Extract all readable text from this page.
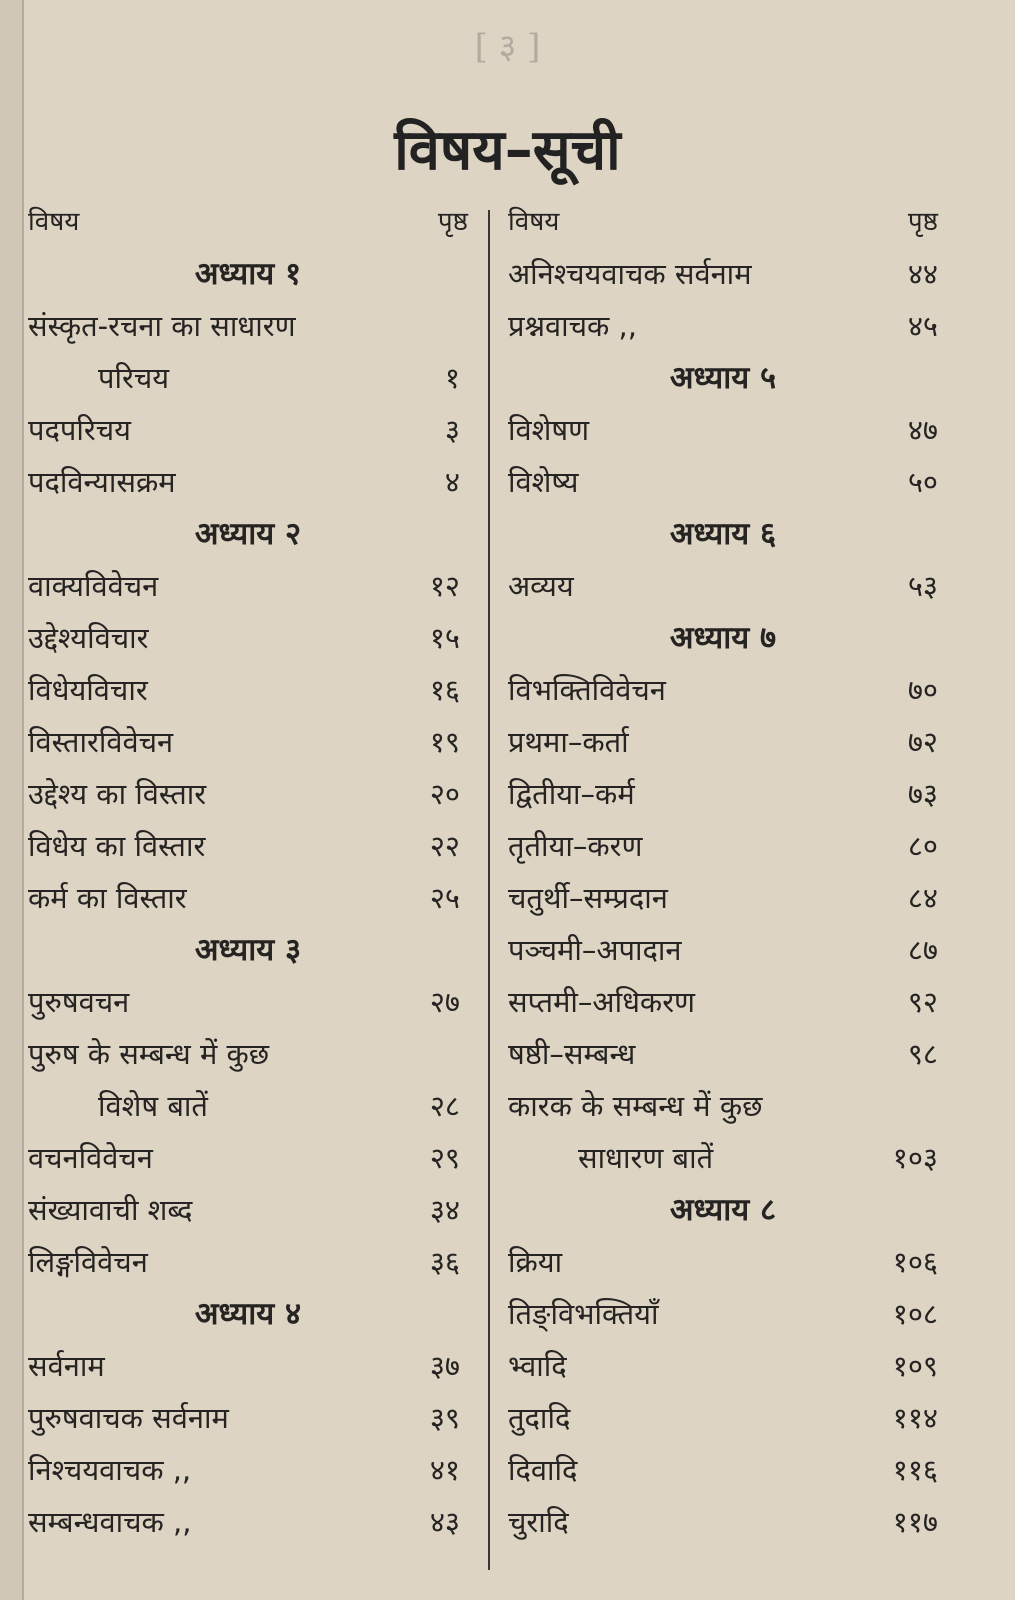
[ ३ ]
विषय–सूची
विषय	पृष्ठ
अध्याय १
संस्कृत-रचना का साधारण
परिचय	१
पदपरिचय	३
पदविन्यासक्रम	४
अध्याय २
वाक्यविवेचन	१२
उद्देश्यविचार	१५
विधेयविचार	१६
विस्तारविवेचन	१९
उद्देश्य का विस्तार	२०
विधेय का विस्तार	२२
कर्म का विस्तार	२५
अध्याय ३
पुरुषवचन	२७
पुरुष के सम्बन्ध में कुछ
विशेष बातें	२८
वचनविवेचन	२९
संख्यावाची शब्द	३४
लिङ्गविवेचन	३६
अध्याय ४
सर्वनाम	३७
पुरुषवाचक सर्वनाम	३९
निश्चयवाचक ,,	४१
सम्बन्धवाचक ,,	४३
विषय	पृष्ठ
अनिश्चयवाचक सर्वनाम	४४
प्रश्नवाचक ,,	४५
अध्याय ५
विशेषण	४७
विशेष्य	५०
अध्याय ६
अव्यय	५३
अध्याय ७
विभक्तिविवेचन	७०
प्रथमा–कर्ता	७२
द्वितीया–कर्म	७३
तृतीया–करण	८०
चतुर्थी–सम्प्रदान	८४
पञ्चमी–अपादान	८७
सप्तमी–अधिकरण	९२
षष्ठी–सम्बन्ध	९८
कारक के सम्बन्ध में कुछ
साधारण बातें	१०३
अध्याय ८
क्रिया	१०६
तिङ्विभक्तियाँ	१०८
भ्वादि	१०९
तुदादि	११४
दिवादि	११६
चुरादि	११७
